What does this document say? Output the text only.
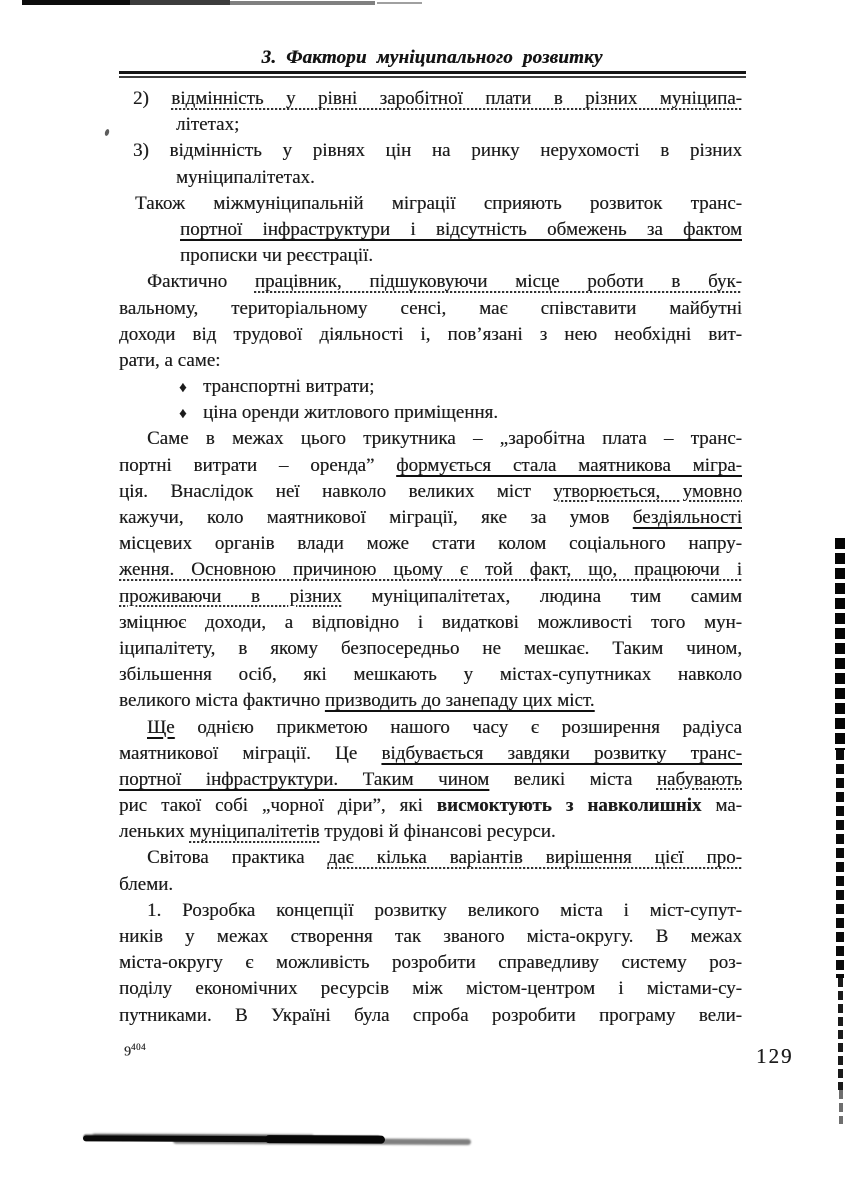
3. Фактори муніципального розвитку
2) відмінність у рівні заробітної плати в різних муніципа-
літетах;
3) відмінність у рівнях цін на ринку нерухомості в різних
муніципалітетах.
Також міжмуніципальній міграції сприяють розвиток транс-
портної інфраструктури і відсутність обмежень за фактом
прописки чи реєстрації.
Фактично працівник, підшуковуючи місце роботи в бук-
вальному, територіальному сенсі, має співставити майбутні
доходи від трудової діяльності і, пов’язані з нею необхідні вит-
рати, а саме:
♦ транспортні витрати;
♦ ціна оренди житлового приміщення.
Саме в межах цього трикутника – „заробітна плата – транс-
портні витрати – оренда” формується стала маятникова мігра-
ція. Внаслідок неї навколо великих міст утворюється, умовно
кажучи, коло маятникової міграції, яке за умов бездіяльності
місцевих органів влади може стати колом соціального напру-
ження. Основною причиною цьому є той факт, що, працюючи і
проживаючи в різних муніципалітетах, людина тим самим
зміцнює доходи, а відповідно і видаткові можливості того мун-
іципалітету, в якому безпосередньо не мешкає. Таким чином,
збільшення осіб, які мешкають у містах-супутниках навколо
великого міста фактично призводить до занепаду цих міст.
Ще однією прикметою нашого часу є розширення радіуса
маятникової міграції. Це відбувається завдяки розвитку транс-
портної інфраструктури. Таким чином великі міста набувають
рис такої собі „чорної діри”, які висмоктують з навколишніх ма-
леньких муніципалітетів трудові й фінансові ресурси.
Світова практика дає кілька варіантів вирішення цієї про-
блеми.
1. Розробка концепції розвитку великого міста і міст-супут-
ників у межах створення так званого міста-округу. В межах
міста-округу є можливість розробити справедливу систему роз-
поділу економічних ресурсів між містом-центром і містами-су-
путниками. В Україні була спроба розробити програму вели-
$9^{404}$	129
